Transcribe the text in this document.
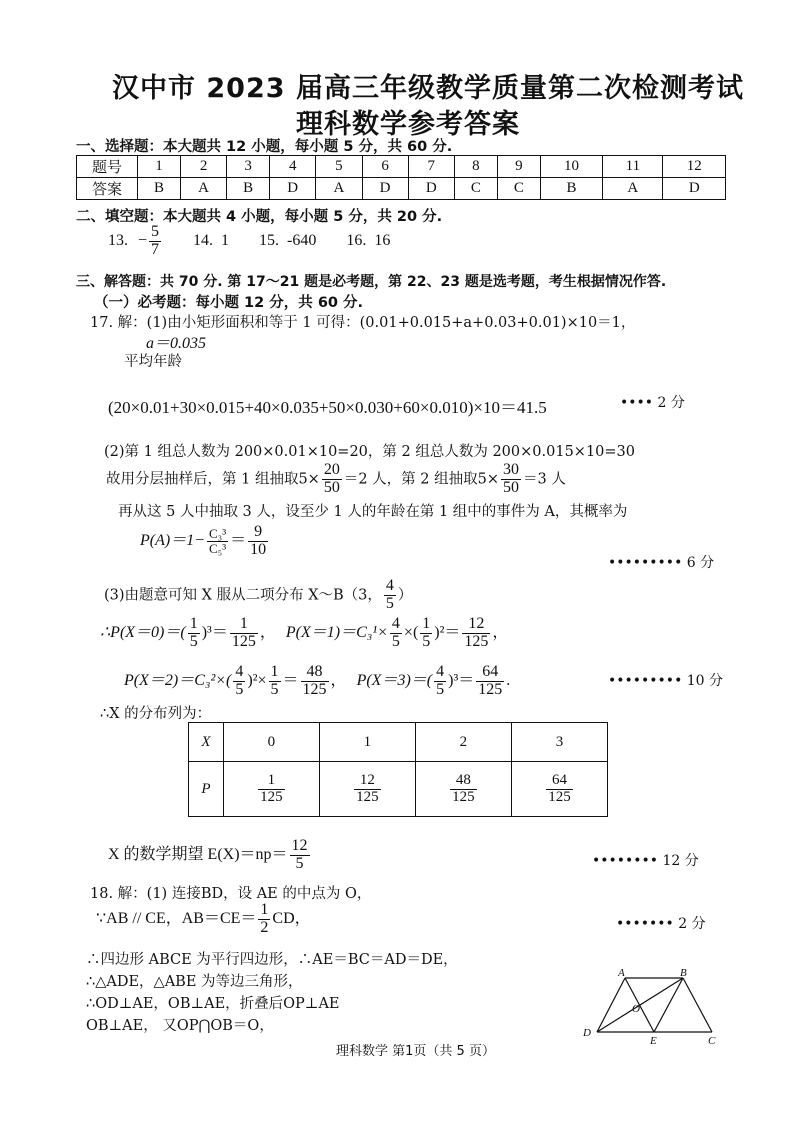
汉中市 2023 届高三年级教学质量第二次检测考试
理科数学参考答案
一、选择题：本大题共 12 小题，每小题 5 分，共 60 分.
题号	1	2	3	4	5	6	7	8	9	10	11	12
答案	B	A	B	D	A	D	D	C	C	B	A	D
二、填空题：本大题共 4 小题，每小题 5 分，共 20 分.
13. − $\frac{5}{7} 14$. 1 15. -640 16. 16
三、解答题：共 70 分. 第 17～21 题是必考题，第 22、23 题是选考题，考生根据情况作答.
（一）必考题：每小题 12 分，共 60 分.
17. 解：(1)由小矩形面积和等于 1 可得：(0.01+0.015+a+0.03+0.01)×10＝1，
a＝0.035
平均年龄
(20×0.01+30×0.015+40×0.035+50×0.030+60×0.010)×10＝41.5	•••• 2 分
(2)第 1 组总人数为 200×0.01×10=20，第 2 组总人数为 200×0.015×10=30
故用分层抽样后，第 1 组抽取$5\times \frac{20}{50} =2$ 人，第 2 组抽取$5\times \frac{30}{50} =3$ 人
再从这 5 人中抽取 3 人，设至少 1 人的年龄在第 1 组中的事件为 A，其概率为
$P(A)=1- \frac{\text{C₃³}}{\text{C₅³}} = \frac{9}{10}$
••••••••• 6 分
(3)由题意可知 X 服从二项分布 X～B（3， $\frac{4}{5}$ ）
∴P(X＝0)＝( $\frac{1}{5} )^3= \frac{1}{125}$ ， $P(X=1)=C_3^1\times \frac{4}{5}$ ×( $\frac{1}{5} )^2= \frac{12}{125}$ ，
$P(X=2)=C_3^2\times( \frac{4}{5} )^2\times \frac{1}{5} = \frac{48}{125}$ ， $P(X=3)=( \frac{4}{5} )^3= \frac{64}{125}$ .	••••••••• 10 分
∴X 的分布列为：
X	0	1	2	3
P	$\frac{1}{125}$	$\frac{12}{125}$	$\frac{48}{125}$	$\frac{64}{125}$
X 的数学期望 $E(X)=np= \frac{12}{5}$	•••••••• 12 分
18. 解：(1) 连接BD，设 AE 的中点为 O，
∵AB // CE，$AB=CE= \frac{1}{2}$ CD，	••••••• 2 分
∴四边形 ABCE 为平行四边形，∴AE＝BC＝AD＝DE，
∴△ADE，△ABE 为等边三角形，
∴OD⊥AE，OB⊥AE，折叠后OP⊥AE
OB⊥AE， 又OP⋂OB＝O，
A	B
C
D
E
O
理科数学 第1页（共 5 页）
